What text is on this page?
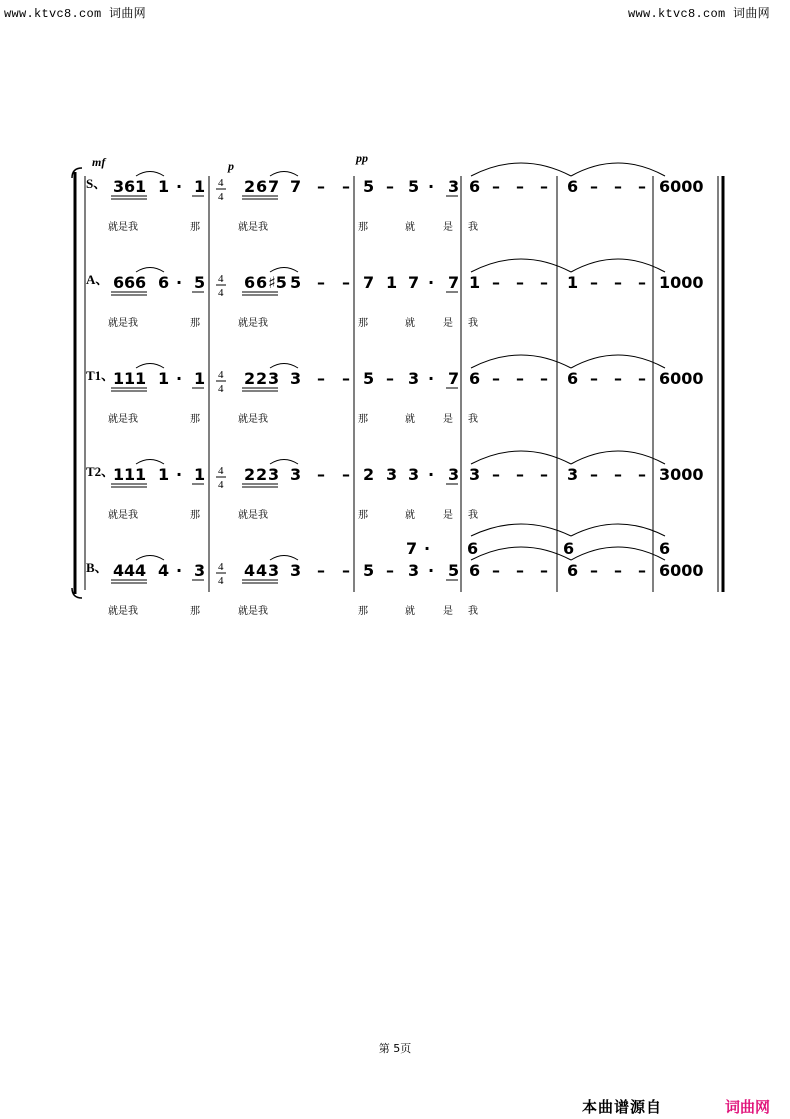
www.ktvc8.com 词曲网	www.ktvc8.com 词曲网
mf	p
pp
S、	4
4
3 6 1 1 · 1 2 6 7 7 – – 5 – 5 · 3 6 – – – 6 – – – 6000
就是我	那	就是我	那	就	是 我
A、	4
4
6 6 6 6 · 5 6 6 ♯5 5 – – 7 1 7 · 7 1 – – – 1 – – – 1000
就是我	那	就是我	那	就	是 我
T1、	4
4
1 1 1 1 · 1 2 2 3 3 – – 5 – 3 · 7 6 – – – 6 – – – 6000
就是我	那	就是我	那	就	是 我
T2、	4
4
1 1 1 1 · 1 2 2 3 3 – – 2 3 3 · 3 3 – – – 3 – – – 3000
就是我	那	就是我	那	就	是 我
B、	4
4
4 4 4 4 · 3 4 4 3 3 – – 5 – 3 · 5 6 – – – 6 – – – 6000
7 · 6	6	6
就是我	那	就是我	那	就	是 我
第 5页
本曲谱源自	词曲网
